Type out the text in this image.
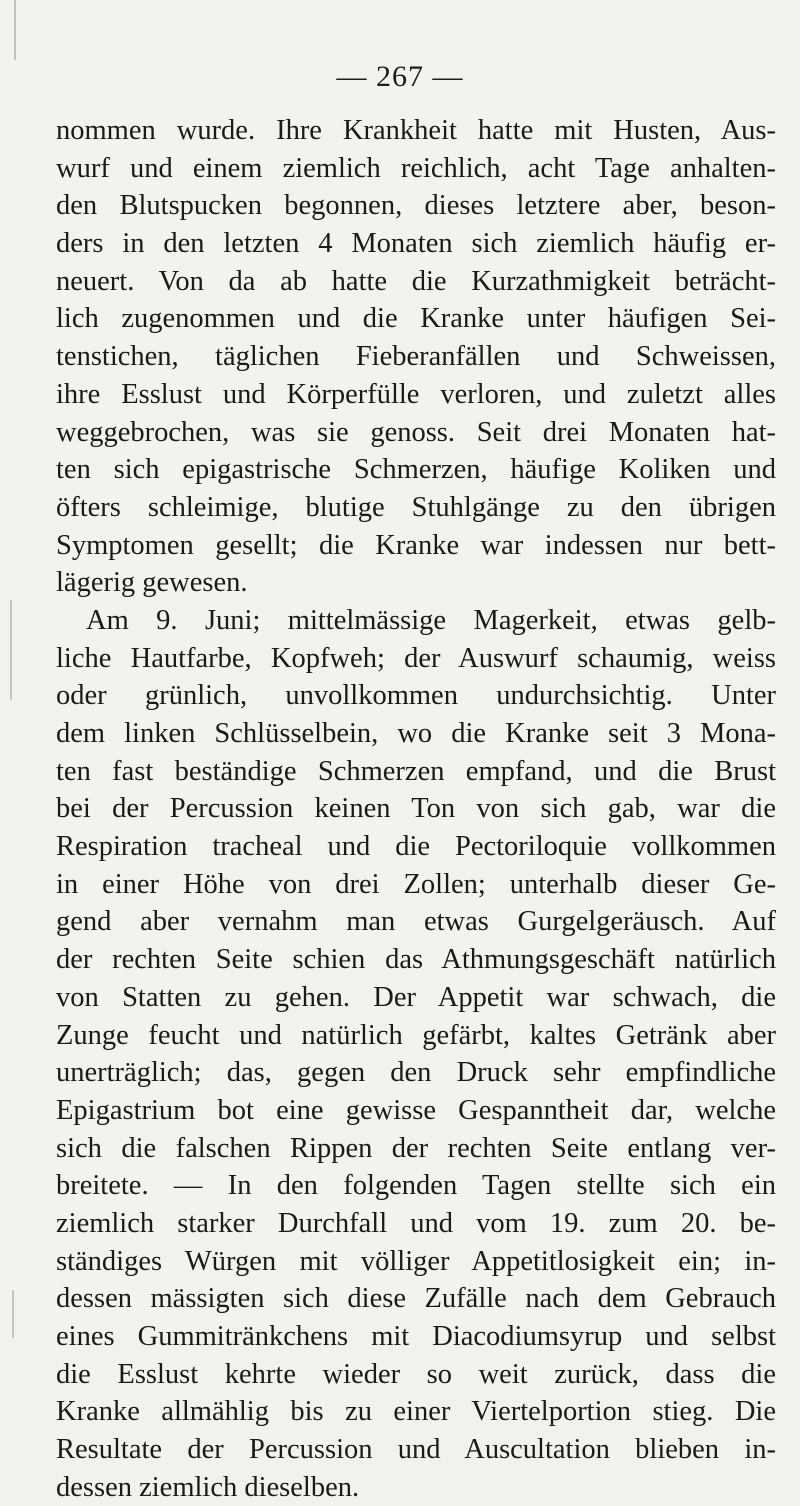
— 267 —
nommen wurde. Ihre Krankheit hatte mit Husten, Aus-
wurf und einem ziemlich reichlich, acht Tage anhalten-
den Blutspucken begonnen, dieses letztere aber, beson-
ders in den letzten 4 Monaten sich ziemlich häufig er-
neuert. Von da ab hatte die Kurzathmigkeit beträcht-
lich zugenommen und die Kranke unter häufigen Sei-
tenstichen, täglichen Fieberanfällen und Schweissen,
ihre Esslust und Körperfülle verloren, und zuletzt alles
weggebrochen, was sie genoss. Seit drei Monaten hat-
ten sich epigastrische Schmerzen, häufige Koliken und
öfters schleimige, blutige Stuhlgänge zu den übrigen
Symptomen gesellt; die Kranke war indessen nur bett-
lägerig gewesen.
Am 9. Juni; mittelmässige Magerkeit, etwas gelb-
liche Hautfarbe, Kopfweh; der Auswurf schaumig, weiss
oder grünlich, unvollkommen undurchsichtig. Unter
dem linken Schlüsselbein, wo die Kranke seit 3 Mona-
ten fast beständige Schmerzen empfand, und die Brust
bei der Percussion keinen Ton von sich gab, war die
Respiration tracheal und die Pectoriloquie vollkommen
in einer Höhe von drei Zollen; unterhalb dieser Ge-
gend aber vernahm man etwas Gurgelgeräusch. Auf
der rechten Seite schien das Athmungsgeschäft natürlich
von Statten zu gehen. Der Appetit war schwach, die
Zunge feucht und natürlich gefärbt, kaltes Getränk aber
unerträglich; das, gegen den Druck sehr empfindliche
Epigastrium bot eine gewisse Gespanntheit dar, welche
sich die falschen Rippen der rechten Seite entlang ver-
breitete. — In den folgenden Tagen stellte sich ein
ziemlich starker Durchfall und vom 19. zum 20. be-
ständiges Würgen mit völliger Appetitlosigkeit ein; in-
dessen mässigten sich diese Zufälle nach dem Gebrauch
eines Gummitränkchens mit Diacodiumsyrup und selbst
die Esslust kehrte wieder so weit zurück, dass die
Kranke allmählig bis zu einer Viertelportion stieg. Die
Resultate der Percussion und Auscultation blieben in-
dessen ziemlich dieselben.
